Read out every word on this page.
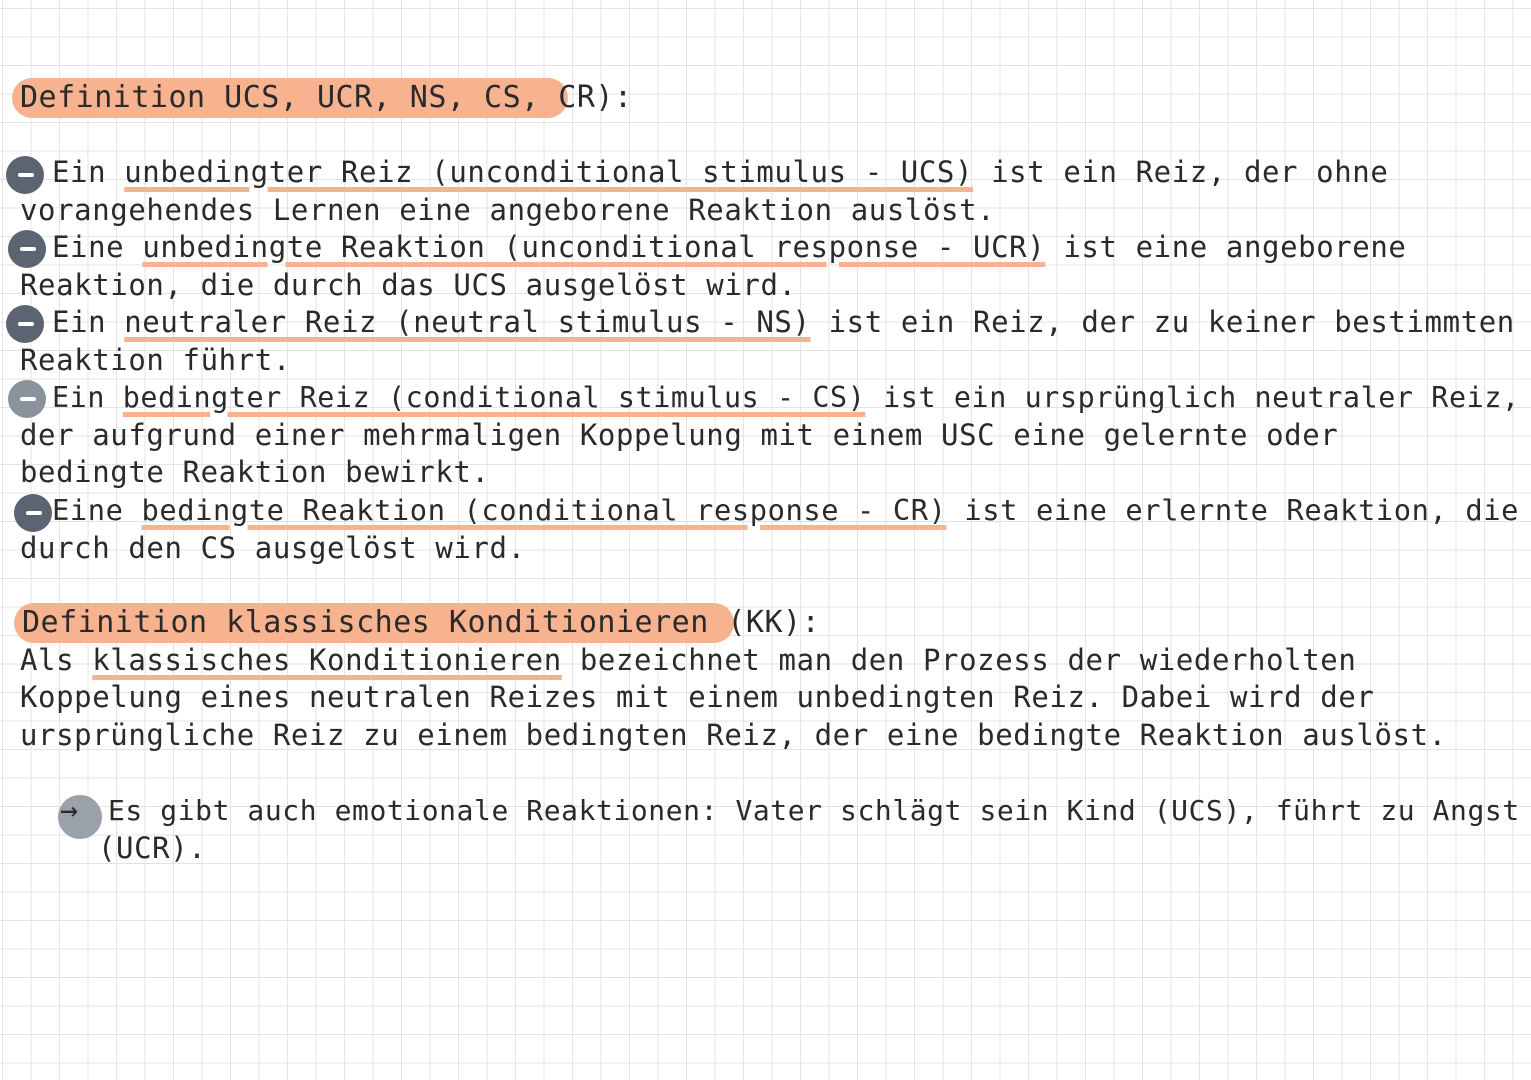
Definition UCS, UCR, NS, CS, CR):
Ein unbedingter Reiz (unconditional stimulus - UCS) ist ein Reiz, der ohne
vorangehendes Lernen eine angeborene Reaktion auslöst.
Eine unbedingte Reaktion (unconditional response - UCR) ist eine angeborene
Reaktion, die durch das UCS ausgelöst wird.
Ein neutraler Reiz (neutral stimulus - NS) ist ein Reiz, der zu keiner bestimmten
Reaktion führt.
Ein bedingter Reiz (conditional stimulus - CS) ist ein ursprünglich neutraler Reiz,
der aufgrund einer mehrmaligen Koppelung mit einem USC eine gelernte oder
bedingte Reaktion bewirkt.
Eine bedingte Reaktion (conditional response - CR) ist eine erlernte Reaktion, die
durch den CS ausgelöst wird.
Definition klassisches Konditionieren (KK):
Als klassisches Konditionieren bezeichnet man den Prozess der wiederholten
Koppelung eines neutralen Reizes mit einem unbedingten Reiz. Dabei wird der
ursprüngliche Reiz zu einem bedingten Reiz, der eine bedingte Reaktion auslöst.
→ Es gibt auch emotionale Reaktionen: Vater schlägt sein Kind (UCS), führt zu Angst
(UCR).
